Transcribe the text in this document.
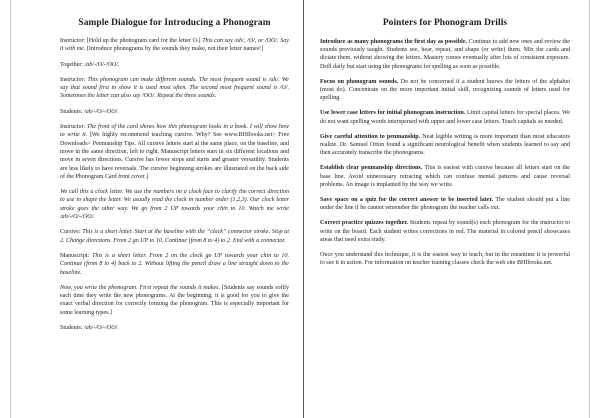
Sample Dialogue for Introducing a Phonogram

Instructor: [Hold up the phonogram card for the letter O.] This can say /ah/, /O/, or /OO/. Say it with me. [Introduce phonograms by the sounds they make, not their letter names!]

Together: /ah/-/O/-/OO/.

Instructor: This phonogram can make different sounds. The most frequent sound is /ah/. We say that sound first to show it is used most often. The second most frequent sound is /O/. Sometimes the letter can also say /OO/. Repeat the three sounds.

Students: /ah/-/O/-/OO/.

Instructor: The front of the card shows how this phonogram looks in a book. I will show how to write it. [We highly recommend teaching cursive. Why? See www.BHIbooks.net> Free Downloads> Penmanship Tips. All cursive letters start at the same place, on the baseline, and move in the same direction, left to right. Manuscript letters start in six different locations and move in seven directions. Cursive has fewer stops and starts and greater versatility. Students are less likely to have reversals. The cursive beginning strokes are illustrated on the back side of the Phonogram Card front cover.]

We call this a clock letter. We use the numbers on a clock face to clarify the correct direction to use to shape the letter. We usually read the clock in number order (1,2,3). Our clock letter stroke goes the other way. We go from 2 UP towards your chin to 10. Watch me write /ah/-/O/-/OO/.

Cursive: This is a short letter. Start at the baseline with the “clock” connector stroke. Stop at 2. Change directions. From 2 go UP to 10. Continue (from 8 to 4) to 2. End with a connector.

Manuscript: This is a short letter. From 2 on the clock go UP towards your chin to 10. Continue (from 8 to 4) back to 2. Without lifting the pencil draw a line straight down to the baseline.

Now, you write the phonogram. First repeat the sounds it makes. [Students say sounds softly each time they write the new phonograms. At the beginning, it is good for you to give the exact verbal direction for correctly forming the phonogram. This is especially important for some learning types.]

Students: /ah/-/O/-/OO/.

Pointers for Phonogram Drills

Introduce as many phonograms the first day as possible. Continue to add new ones and review the sounds previously taught. Students see, hear, repeat, and shape (or write) them. Mix the cards and dictate them, without showing the letters. Mastery comes eventually after lots of consistent exposure. Drill daily but start using the phonograms for spelling as soon as possible.

Focus on phonogram sounds. Do not be concerned if a student knows the letters of the alphabet (most do). Concentrate on the more important initial skill, recognizing sounds of letters used for spelling.

Use lower case letters for initial phonogram instruction. Limit capital letters for special places. We do not want spelling words interspersed with upper and lower case letters. Teach capitals as needed.

Give careful attention to penmanship. Neat legible writing is more important than most educators realize. Dr. Samuel Orton found a significant neurological benefit when students learned to say and then accurately transcribe the phonograms.

Establish clear penmanship directions. This is easiest with cursive because all letters start on the base line. Avoid unnecessary retracing which can confuse mental patterns and cause reversal problems. An image is implanted by the way we write.

Save space on a quiz for the correct answer to be inserted later. The student should put a line under the line if he cannot remember the phonogram the teacher calls out.

Correct practice quizzes together. Students repeat by sound(s) each phonogram for the instructor to write on the board. Each student writes corrections in red. The material in colored pencil showcases areas that need extra study.

Once you understand this technique, it is the easiest way to teach, but in the meantime it is powerful to see it in action. For information on teacher training classes check the web site BHIbooks.net.
